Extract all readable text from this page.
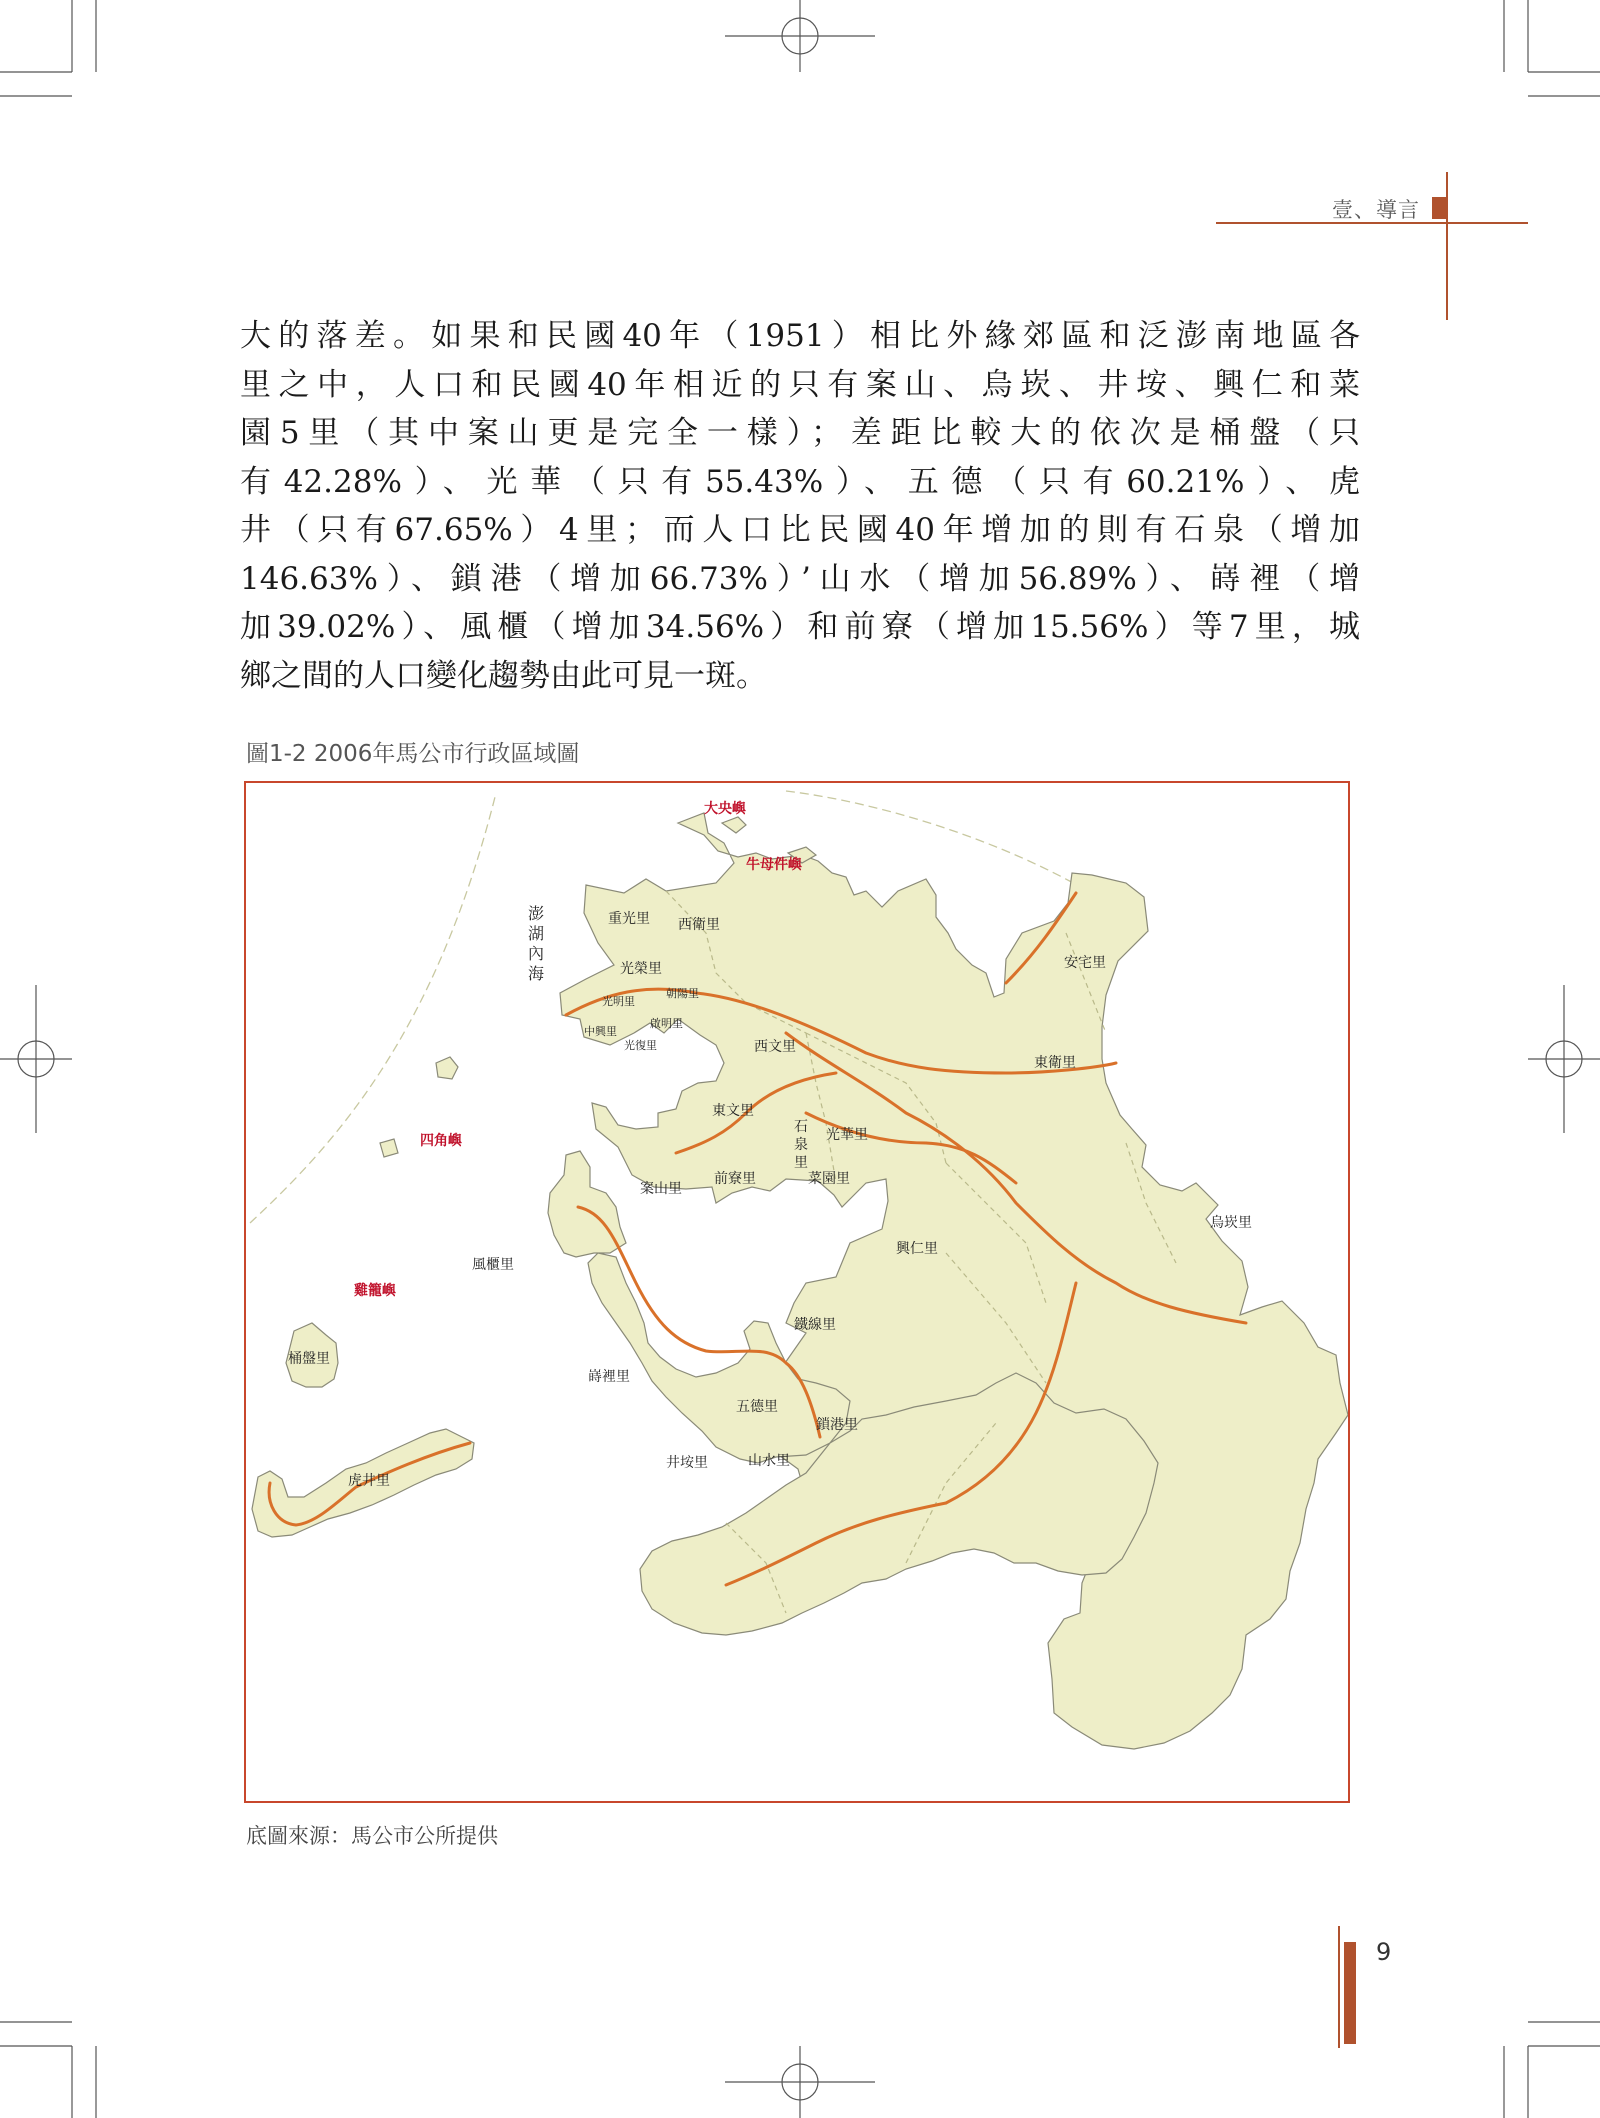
壹、導言
大的落差。如果和民國40年（1951）相比外緣郊區和泛澎南地區各
里之中，人口和民國40年相近的只有案山、烏崁、井垵、興仁和菜
園5里（其中案山更是完全一樣）；差距比較大的依次是桶盤（只
有42.28%）、光華（只有55.43%）、五德（只有60.21%）、虎
井（只有67.65%）4里；而人口比民國40年增加的則有石泉（增加
146.63%）、鎖港（增加66.73%）’山水（增加56.89%）、嵵裡（增
加39.02%）、風櫃（增加34.56%）和前寮（增加15.56%）等7里，城
鄉之間的人口變化趨勢由此可見一斑。
圖1-2 2006年馬公市行政區域圖
澎湖內海
大央嶼
牛母件嶼
四角嶼
雞籠嶼
重光里 西衛里
光榮里
光明里
朝陽里
中興里
啟明里
光復里	西文里
安宅里
東衛里
東文里
石
泉
里
光華里
案山里
前寮里	菜園里
烏崁里
興仁里
風櫃里
鐵線里
嵵裡里
五德里
鎖港里
井垵里	山水里
桶盤里
虎井里
底圖來源：馬公市公所提供
9
